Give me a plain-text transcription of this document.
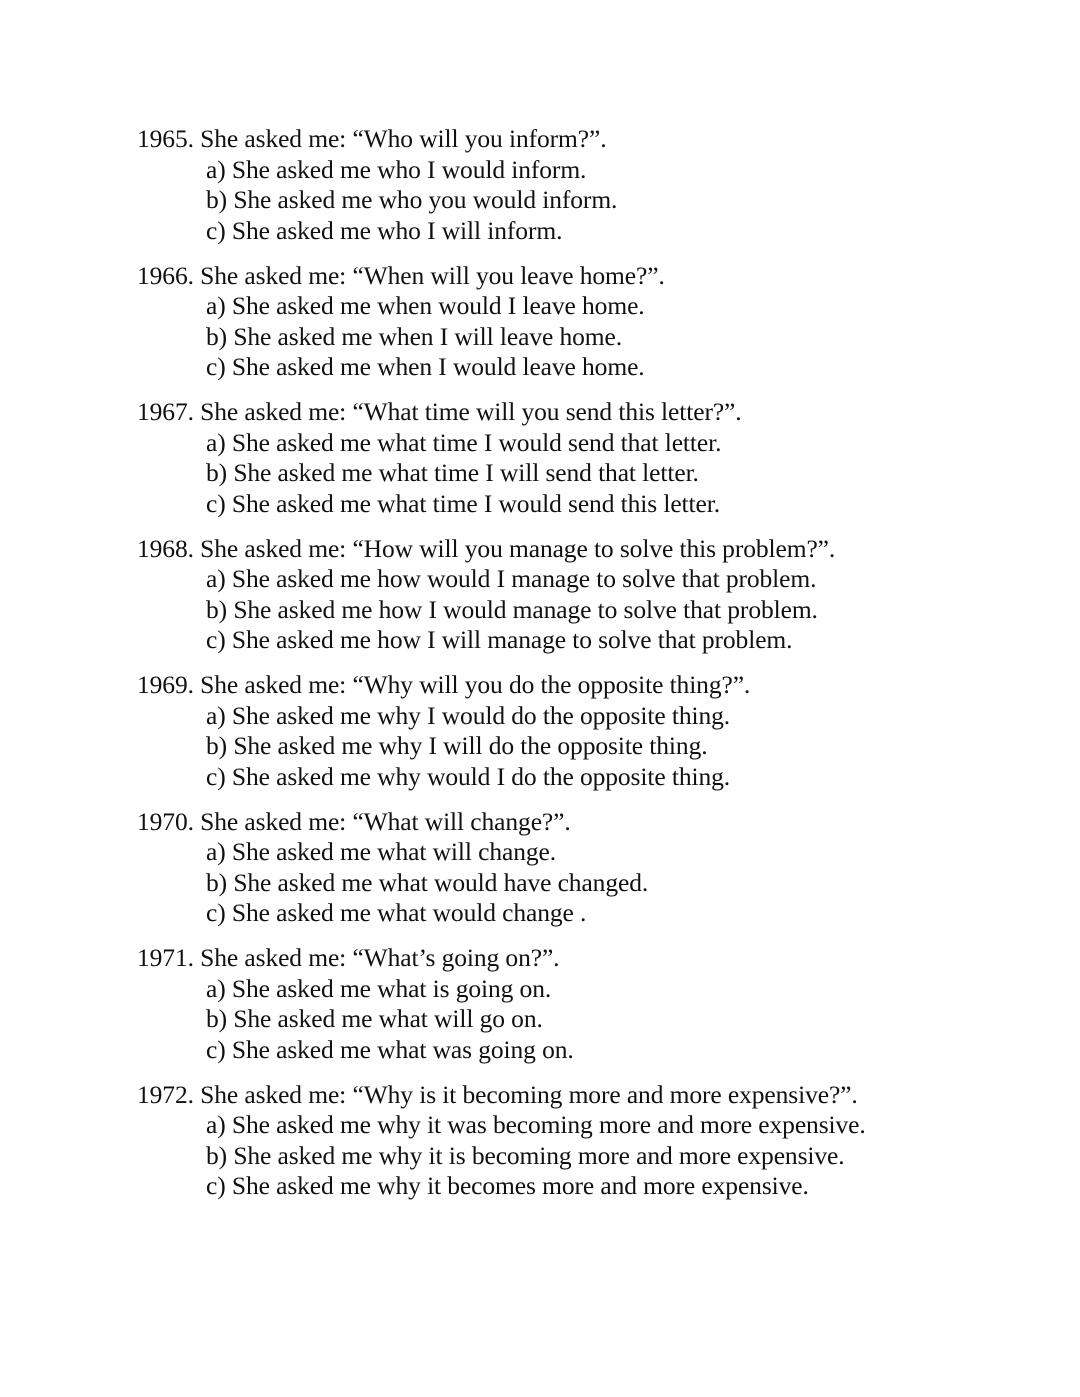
1965. She asked me: “Who will you inform?”.
a) She asked me who I would inform.
b) She asked me who you would inform.
c) She asked me who I will inform.
1966. She asked me: “When will you leave home?”.
a) She asked me when would I leave home.
b) She asked me when I will leave home.
c) She asked me when I would leave home.
1967. She asked me: “What time will you send this letter?”.
a) She asked me what time I would send that letter.
b) She asked me what time I will send that letter.
c) She asked me what time I would send this letter.
1968. She asked me: “How will you manage to solve this problem?”.
a) She asked me how would I manage to solve that problem.
b) She asked me how I would manage to solve that problem.
c) She asked me how I will manage to solve that problem.
1969. She asked me: “Why will you do the opposite thing?”.
a) She asked me why I would do the opposite thing.
b) She asked me why I will do the opposite thing.
c) She asked me why would I do the opposite thing.
1970. She asked me: “What will change?”.
a) She asked me what will change.
b) She asked me what would have changed.
c) She asked me what would change .
1971. She asked me: “What’s going on?”.
a) She asked me what is going on.
b) She asked me what will go on.
c) She asked me what was going on.
1972. She asked me: “Why is it becoming more and more expensive?”.
a) She asked me why it was becoming more and more expensive.
b) She asked me why it is becoming more and more expensive.
c) She asked me why it becomes more and more expensive.
